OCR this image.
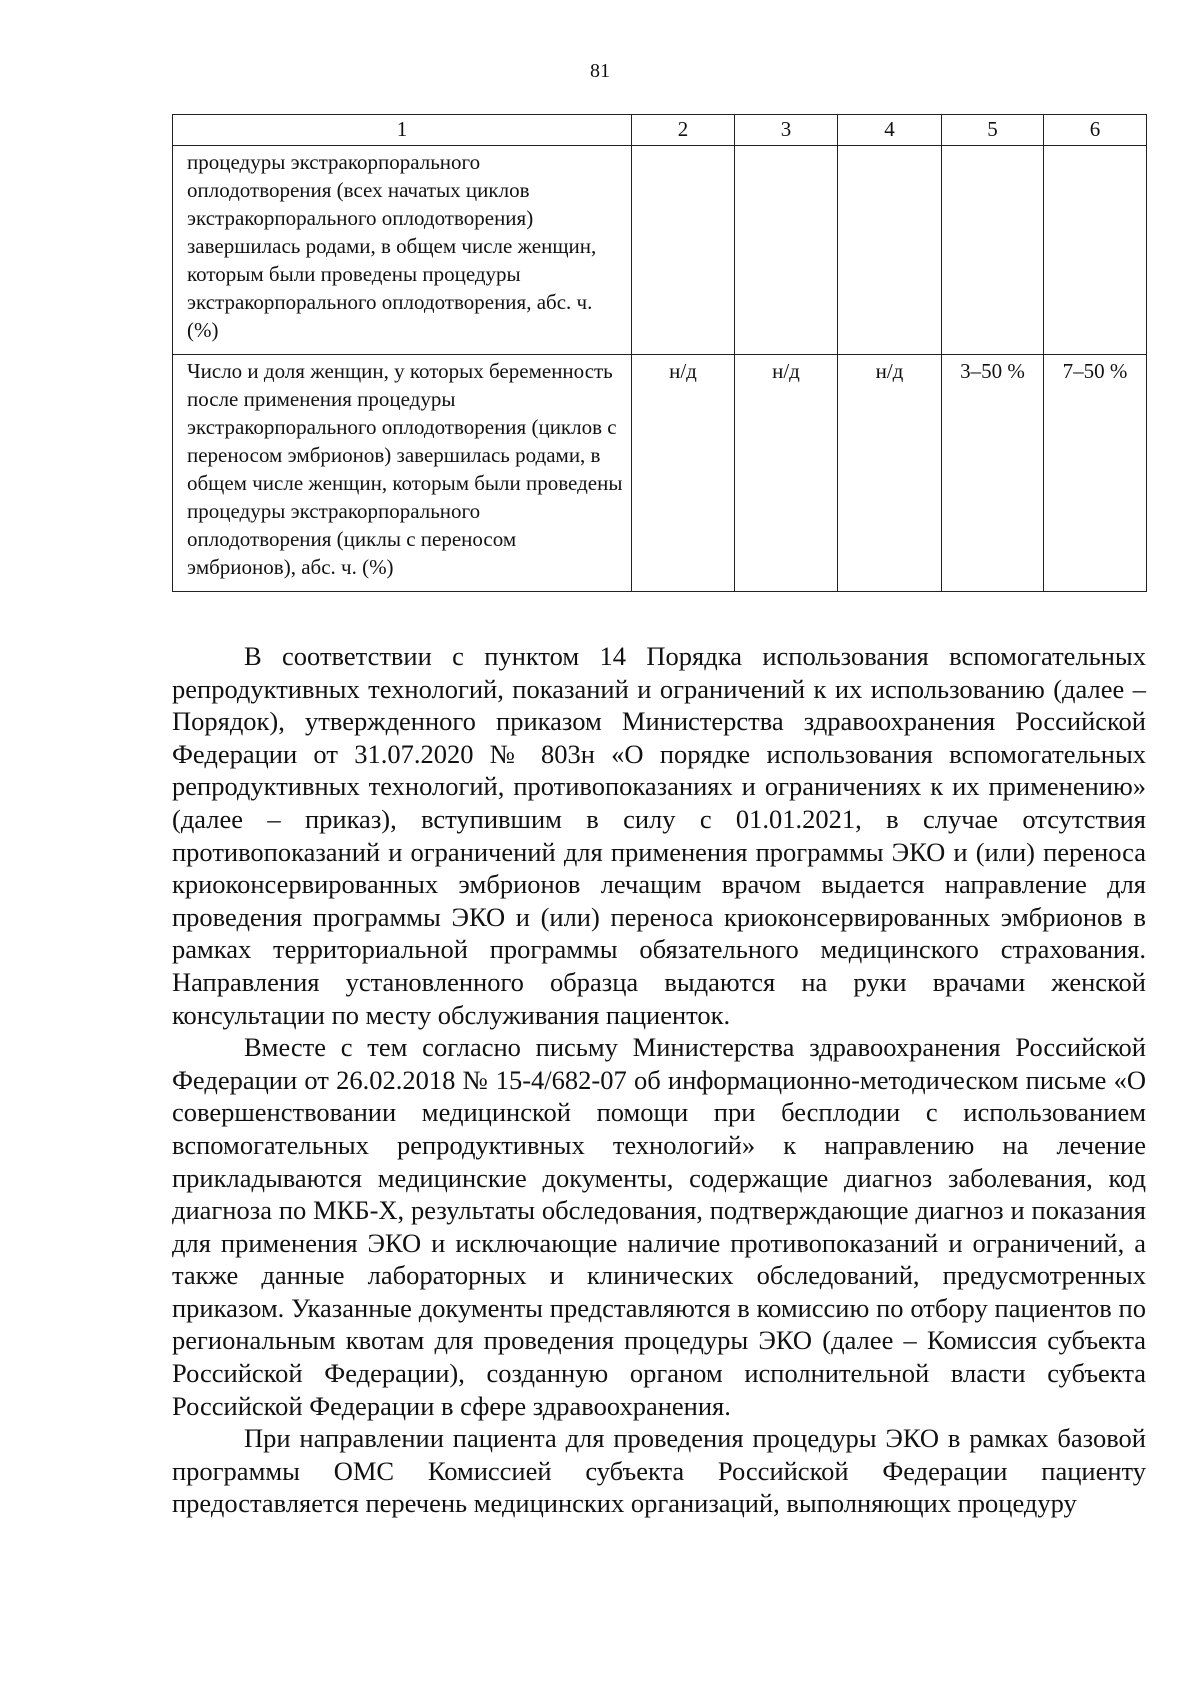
81
1	2	3	4	5	6
процедуры экстракорпорального оплодотворения (всех начатых циклов экстракорпорального оплодотворения) завершилась родами, в общем числе женщин, которым были проведены процедуры экстракорпорального оплодотворения, абс. ч. (%)					
Число и доля женщин, у которых беременность после применения процедуры экстракорпорального оплодотворения (циклов с переносом эмбрионов) завершилась родами, в общем числе женщин, которым были проведены процедуры экстракорпорального оплодотворения (циклы с переносом эмбрионов), абс. ч. (%)	н/д	н/д	н/д	3–50 %	7–50 %

В соответствии с пунктом 14 Порядка использования вспомогательных репродуктивных технологий, показаний и ограничений к их использованию (далее – Порядок), утвержденного приказом Министерства здравоохранения Российской Федерации от 31.07.2020 № 803н «О порядке использования вспомогательных репродуктивных технологий, противопоказаниях и ограничениях к их применению» (далее – приказ), вступившим в силу с 01.01.2021, в случае отсутствия противопоказаний и ограничений для применения программы ЭКО и (или) переноса криоконсервированных эмбрионов лечащим врачом выдается направление для проведения программы ЭКО и (или) переноса криоконсервированных эмбрионов в рамках территориальной программы обязательного медицинского страхования. Направления установленного образца выдаются на руки врачами женской консультации по месту обслуживания пациенток.

Вместе с тем согласно письму Министерства здравоохранения Российской Федерации от 26.02.2018 № 15-4/682-07 об информационно-методическом письме «О совершенствовании медицинской помощи при бесплодии с использованием вспомогательных репродуктивных технологий» к направлению на лечение прикладываются медицинские документы, содержащие диагноз заболевания, код диагноза по МКБ-Х, результаты обследования, подтверждающие диагноз и показания для применения ЭКО и исключающие наличие противопоказаний и ограничений, а также данные лабораторных и клинических обследований, предусмотренных приказом. Указанные документы представляются в комиссию по отбору пациентов по региональным квотам для проведения процедуры ЭКО (далее – Комиссия субъекта Российской Федерации), созданную органом исполнительной власти субъекта Российской Федерации в сфере здравоохранения.

При направлении пациента для проведения процедуры ЭКО в рамках базовой программы ОМС Комиссией субъекта Российской Федерации пациенту предоставляется перечень медицинских организаций, выполняющих процедуру
